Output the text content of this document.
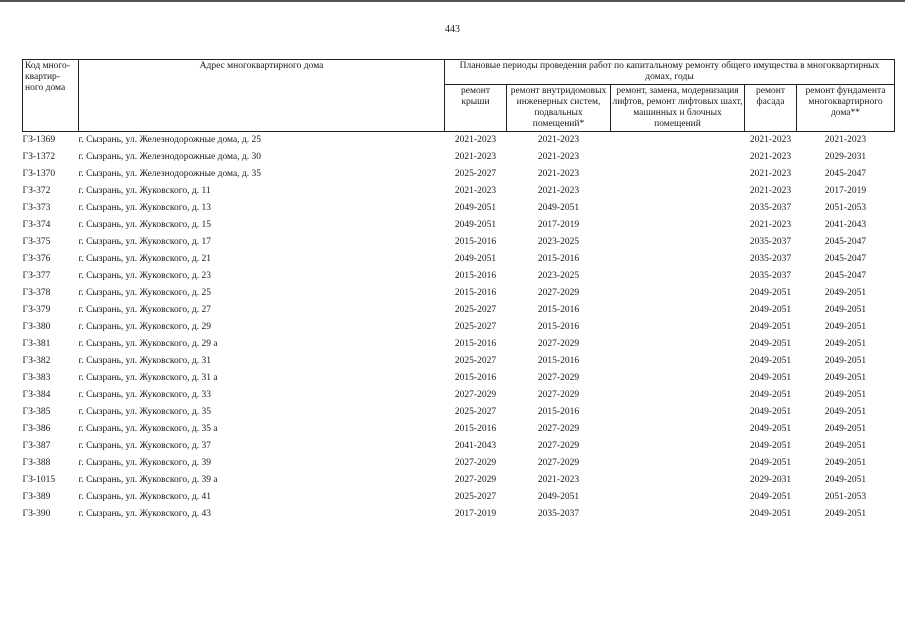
443
Код много-квартир-ного дома	Адрес многоквартирного дома	Плановые периоды проведения работ по капитальному ремонту общего имущества в многоквартирных домах, годы				
		ремонт крыши	ремонт внутридомовых инженерных систем, подвальных помещений*	ремонт, замена, модернизация лифтов, ремонт лифтовых шахт, машинных и блочных помещений	ремонт фасада	ремонт фундамента многоквартирного дома**
ГЗ-1369	г. Сызрань, ул. Железнодорожные дома, д. 25	2021-2023	2021-2023		2021-2023	2021-2023
ГЗ-1372	г. Сызрань, ул. Железнодорожные дома, д. 30	2021-2023	2021-2023		2021-2023	2029-2031
ГЗ-1370	г. Сызрань, ул. Железнодорожные дома, д. 35	2025-2027	2021-2023		2021-2023	2045-2047
ГЗ-372	г. Сызрань, ул. Жуковского, д. 11	2021-2023	2021-2023		2021-2023	2017-2019
ГЗ-373	г. Сызрань, ул. Жуковского, д. 13	2049-2051	2049-2051		2035-2037	2051-2053
ГЗ-374	г. Сызрань, ул. Жуковского, д. 15	2049-2051	2017-2019		2021-2023	2041-2043
ГЗ-375	г. Сызрань, ул. Жуковского, д. 17	2015-2016	2023-2025		2035-2037	2045-2047
ГЗ-376	г. Сызрань, ул. Жуковского, д. 21	2049-2051	2015-2016		2035-2037	2045-2047
ГЗ-377	г. Сызрань, ул. Жуковского, д. 23	2015-2016	2023-2025		2035-2037	2045-2047
ГЗ-378	г. Сызрань, ул. Жуковского, д. 25	2015-2016	2027-2029		2049-2051	2049-2051
ГЗ-379	г. Сызрань, ул. Жуковского, д. 27	2025-2027	2015-2016		2049-2051	2049-2051
ГЗ-380	г. Сызрань, ул. Жуковского, д. 29	2025-2027	2015-2016		2049-2051	2049-2051
ГЗ-381	г. Сызрань, ул. Жуковского, д. 29 а	2015-2016	2027-2029		2049-2051	2049-2051
ГЗ-382	г. Сызрань, ул. Жуковского, д. 31	2025-2027	2015-2016		2049-2051	2049-2051
ГЗ-383	г. Сызрань, ул. Жуковского, д. 31 а	2015-2016	2027-2029		2049-2051	2049-2051
ГЗ-384	г. Сызрань, ул. Жуковского, д. 33	2027-2029	2027-2029		2049-2051	2049-2051
ГЗ-385	г. Сызрань, ул. Жуковского, д. 35	2025-2027	2015-2016		2049-2051	2049-2051
ГЗ-386	г. Сызрань, ул. Жуковского, д. 35 а	2015-2016	2027-2029		2049-2051	2049-2051
ГЗ-387	г. Сызрань, ул. Жуковского, д. 37	2041-2043	2027-2029		2049-2051	2049-2051
ГЗ-388	г. Сызрань, ул. Жуковского, д. 39	2027-2029	2027-2029		2049-2051	2049-2051
ГЗ-1015	г. Сызрань, ул. Жуковского, д. 39 а	2027-2029	2021-2023		2029-2031	2049-2051
ГЗ-389	г. Сызрань, ул. Жуковского, д. 41	2025-2027	2049-2051		2049-2051	2051-2053
ГЗ-390	г. Сызрань, ул. Жуковского, д. 43	2017-2019	2035-2037		2049-2051	2049-2051
